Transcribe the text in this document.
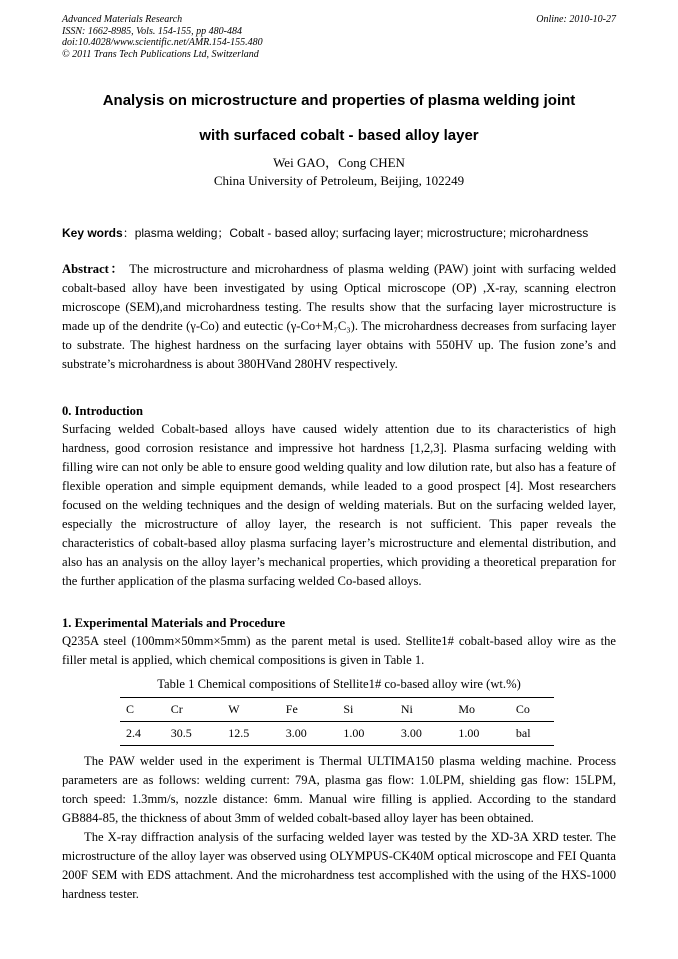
Advanced Materials Research
ISSN: 1662-8985, Vols. 154-155, pp 480-484
doi:10.4028/www.scientific.net/AMR.154-155.480
© 2011 Trans Tech Publications Ltd, Switzerland
Online: 2010-10-27
Analysis on microstructure and properties of plasma welding joint
with surfaced cobalt - based alloy layer
Wei GAO，Cong CHEN
China University of Petroleum, Beijing, 102249
Key words：plasma welding；Cobalt - based alloy; surfacing layer; microstructure; microhardness
Abstract： The microstructure and microhardness of plasma welding (PAW) joint with surfacing welded cobalt-based alloy have been investigated by using Optical microscope (OP) ,X-ray, scanning electron microscope (SEM),and microhardness testing. The results show that the surfacing layer microstructure is made up of the dendrite (γ-Co) and eutectic (γ-Co+M₇C₃). The microhardness decreases from surfacing layer to substrate. The highest hardness on the surfacing layer obtains with 550HV up. The fusion zone’s and substrate’s microhardness is about 380HVand 280HV respectively.
0. Introduction
Surfacing welded Cobalt-based alloys have caused widely attention due to its characteristics of high hardness, good corrosion resistance and impressive hot hardness [1,2,3]. Plasma surfacing welding with filling wire can not only be able to ensure good welding quality and low dilution rate, but also has a feature of flexible operation and simple equipment demands, while leaded to a good prospect [4]. Most researchers focused on the welding techniques and the design of welding materials. But on the surfacing welded layer, especially the microstructure of alloy layer, the research is not sufficient. This paper reveals the characteristics of cobalt-based alloy plasma surfacing layer’s microstructure and elemental distribution, and also has an analysis on the alloy layer’s mechanical properties, which providing a theoretical preparation for the further application of the plasma surfacing welded Co-based alloys.
1. Experimental Materials and Procedure
Q235A steel (100mm×50mm×5mm) as the parent metal is used. Stellite1# cobalt-based alloy wire as the filler metal is applied, which chemical compositions is given in Table 1.
Table 1 Chemical compositions of Stellite1# co-based alloy wire (wt.%)
C	Cr	W	Fe	Si	Ni	Mo	Co
2.4	30.5	12.5	3.00	1.00	3.00	1.00	bal
The PAW welder used in the experiment is Thermal ULTIMA150 plasma welding machine. Process parameters are as follows: welding current: 79A, plasma gas flow: 1.0LPM, shielding gas flow: 15LPM, torch speed: 1.3mm/s, nozzle distance: 6mm. Manual wire filling is applied. According to the standard GB884-85, the thickness of about 3mm of welded cobalt-based alloy layer has been obtained.
The X-ray diffraction analysis of the surfacing welded layer was tested by the XD-3A XRD tester. The microstructure of the alloy layer was observed using OLYMPUS-CK40M optical microscope and FEI Quanta 200F SEM with EDS attachment. And the microhardness test accomplished with the using of the HXS-1000 hardness tester.
